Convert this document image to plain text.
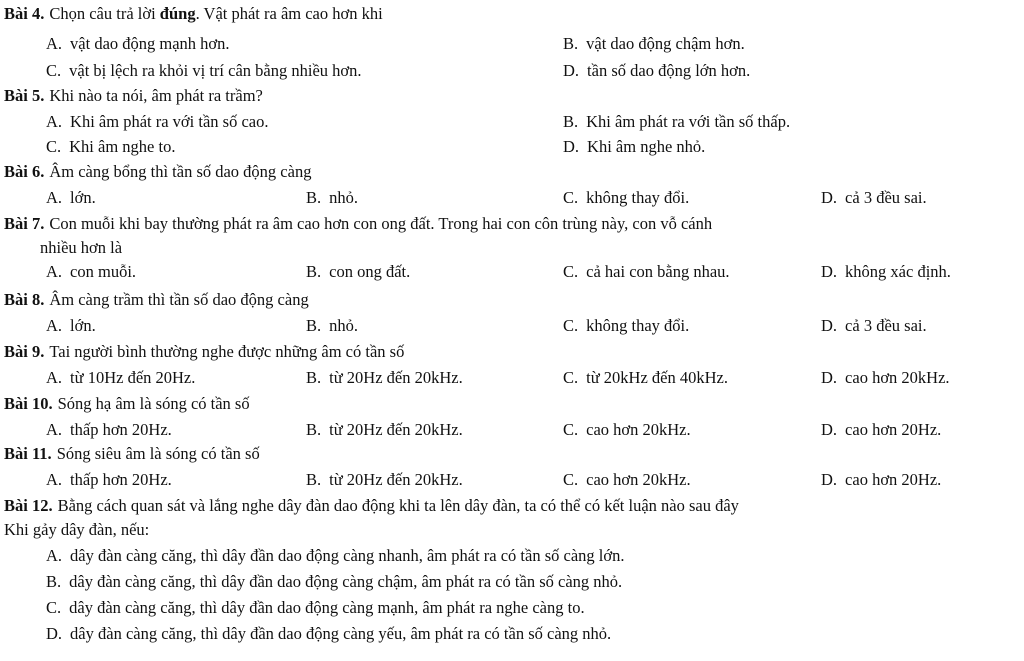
Bài 4. Chọn câu trả lời đúng. Vật phát ra âm cao hơn khi
A. vật dao động mạnh hơn.	B. vật dao động chậm hơn.
C. vật bị lệch ra khỏi vị trí cân bằng nhiều hơn.	D. tần số dao động lớn hơn.
Bài 5. Khi nào ta nói, âm phát ra trầm?
A. Khi âm phát ra với tần số cao.	B. Khi âm phát ra với tần số thấp.
C. Khi âm nghe to.	D. Khi âm nghe nhỏ.
Bài 6. Âm càng bổng thì tần số dao động càng
A. lớn.	B. nhỏ.	C. không thay đổi.	D. cả 3 đều sai.
Bài 7. Con muỗi khi bay thường phát ra âm cao hơn con ong đất. Trong hai con côn trùng này, con vỗ cánh
nhiều hơn là
A. con muỗi.	B. con ong đất.	C. cả hai con bằng nhau.	D. không xác định.
Bài 8. Âm càng trầm thì tần số dao động càng
A. lớn.	B. nhỏ.	C. không thay đổi.	D. cả 3 đều sai.
Bài 9. Tai người bình thường nghe được những âm có tần số
A. từ 10Hz đến 20Hz.	B. từ 20Hz đến 20kHz.	C. từ 20kHz đến 40kHz.	D. cao hơn 20kHz.
Bài 10. Sóng hạ âm là sóng có tần số
A. thấp hơn 20Hz.	B. từ 20Hz đến 20kHz.	C. cao hơn 20kHz.	D. cao hơn 20Hz.
Bài 11. Sóng siêu âm là sóng có tần số
A. thấp hơn 20Hz.	B. từ 20Hz đến 20kHz.	C. cao hơn 20kHz.	D. cao hơn 20Hz.
Bài 12. Bằng cách quan sát và lắng nghe dây đàn dao động khi ta lên dây đàn, ta có thể có kết luận nào sau đây
Khi gảy dây đàn, nếu:
A. dây đàn càng căng, thì dây đần dao động càng nhanh, âm phát ra có tần số càng lớn.
B. dây đàn càng căng, thì dây đần dao động càng chậm, âm phát ra có tần số càng nhỏ.
C. dây đàn càng căng, thì dây đần dao động càng mạnh, âm phát ra nghe càng to.
D. dây đàn càng căng, thì dây đần dao động càng yếu, âm phát ra có tần số càng nhỏ.
